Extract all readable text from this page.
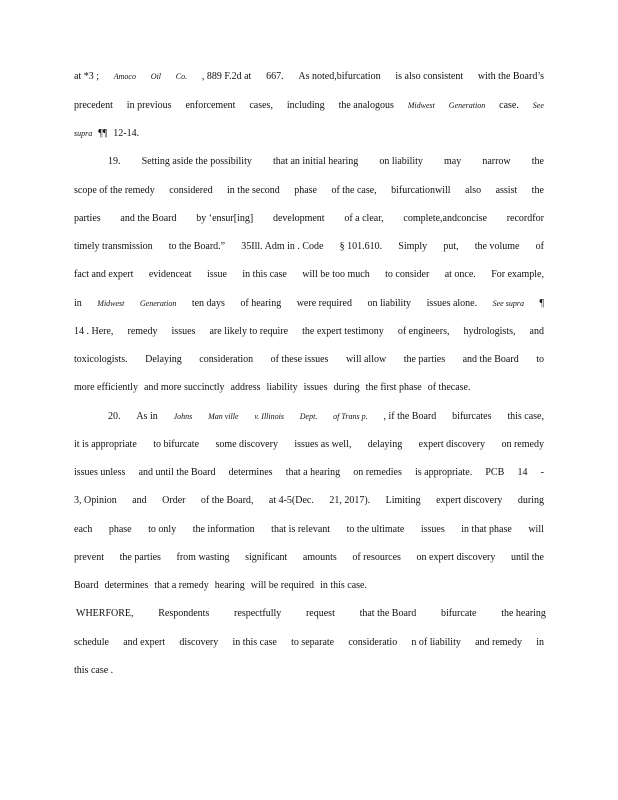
at *3 ; Amoco Oil Co. , 889 F.2d at 667. As noted,bifurcation is also consistent with the Board’s
precedent in previous enforcement cases, including the analogous Midwest Generation case. See
supra ¶¶ 12-14.
19. Setting aside the possibility that an initial hearing on liability may narrow the
scope of the remedy considered in the second phase of the case, bifurcationwill also assist the
parties and the Board by ‘ensur[ing] development of a clear, complete,andconcise recordfor
timely transmission to the Board.” 35Ill. Adm in . Code § 101.610. Simply put, the volume of
fact and expert evidenceat issue in this case will be too much to consider at once. For example,
in Midwest Generation ten days of hearing were required on liability issues alone. See supra ¶
14 . Here, remedy issues are likely to require the expert testimony of engineers, hydrologists, and
toxicologists. Delaying consideration of these issues will allow the parties and the Board to
more efficiently and more succinctly address liability issues during the first phase of thecase.
20. As in Johns Man ville v. Illinois Dept. of Trans p. , if the Board bifurcates this case,
it is appropriate to bifurcate some discovery issues as well, delaying expert discovery on remedy
issues unless and until the Board determines that a hearing on remedies is appropriate. PCB 14 -
3, Opinion and Order of the Board, at 4-5(Dec. 21, 2017). Limiting expert discovery during
each phase to only the information that is relevant to the ultimate issues in that phase will
prevent the parties from wasting significant amounts of resources on expert discovery until the
Board determines that a remedy hearing will be required in this case.
WHERFORE, Respondents respectfully request that the Board bifurcate the hearing
schedule and expert discovery in this case to separate consideratio n of liability and remedy in
this case .
